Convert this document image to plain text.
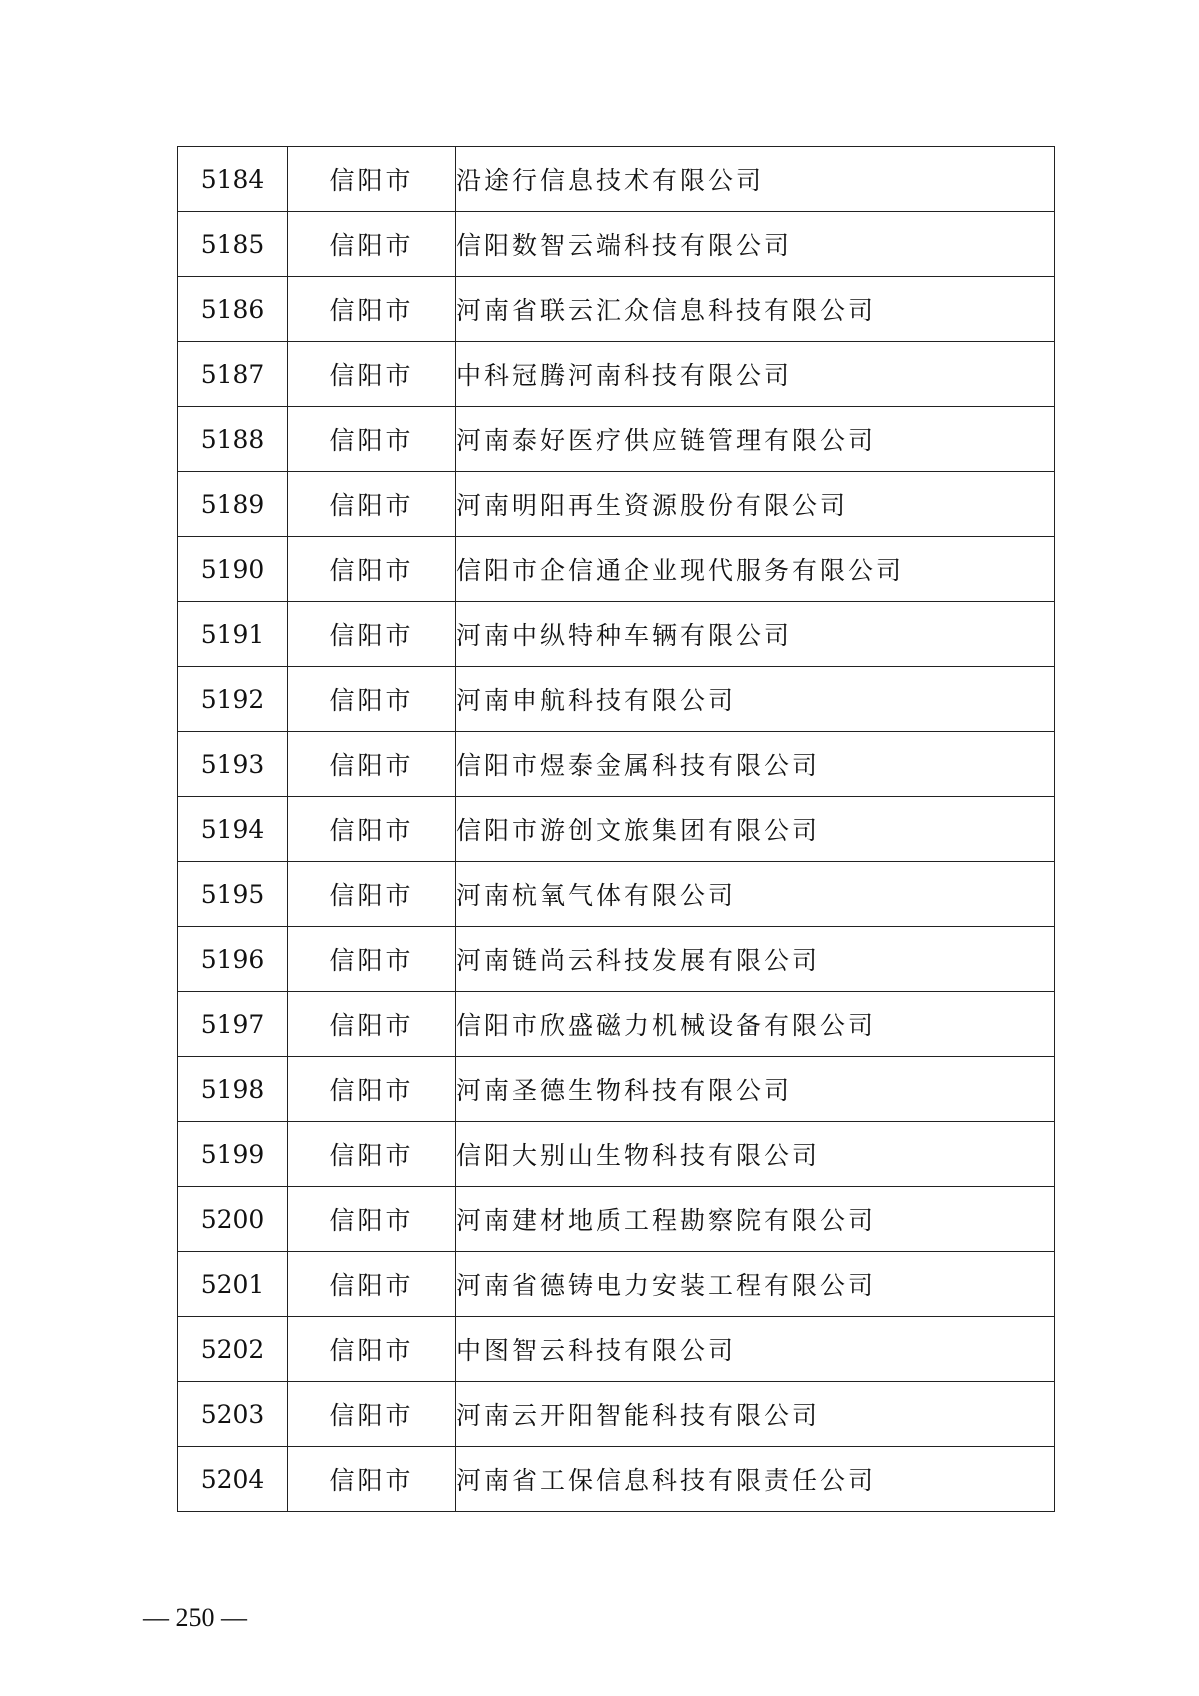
5184	信阳市	沿途行信息技术有限公司
5185	信阳市	信阳数智云端科技有限公司
5186	信阳市	河南省联云汇众信息科技有限公司
5187	信阳市	中科冠腾河南科技有限公司
5188	信阳市	河南泰好医疗供应链管理有限公司
5189	信阳市	河南明阳再生资源股份有限公司
5190	信阳市	信阳市企信通企业现代服务有限公司
5191	信阳市	河南中纵特种车辆有限公司
5192	信阳市	河南申航科技有限公司
5193	信阳市	信阳市煜泰金属科技有限公司
5194	信阳市	信阳市游创文旅集团有限公司
5195	信阳市	河南杭氧气体有限公司
5196	信阳市	河南链尚云科技发展有限公司
5197	信阳市	信阳市欣盛磁力机械设备有限公司
5198	信阳市	河南圣德生物科技有限公司
5199	信阳市	信阳大别山生物科技有限公司
5200	信阳市	河南建材地质工程勘察院有限公司
5201	信阳市	河南省德铸电力安装工程有限公司
5202	信阳市	中图智云科技有限公司
5203	信阳市	河南云开阳智能科技有限公司
5204	信阳市	河南省工保信息科技有限责任公司
— 250 —
